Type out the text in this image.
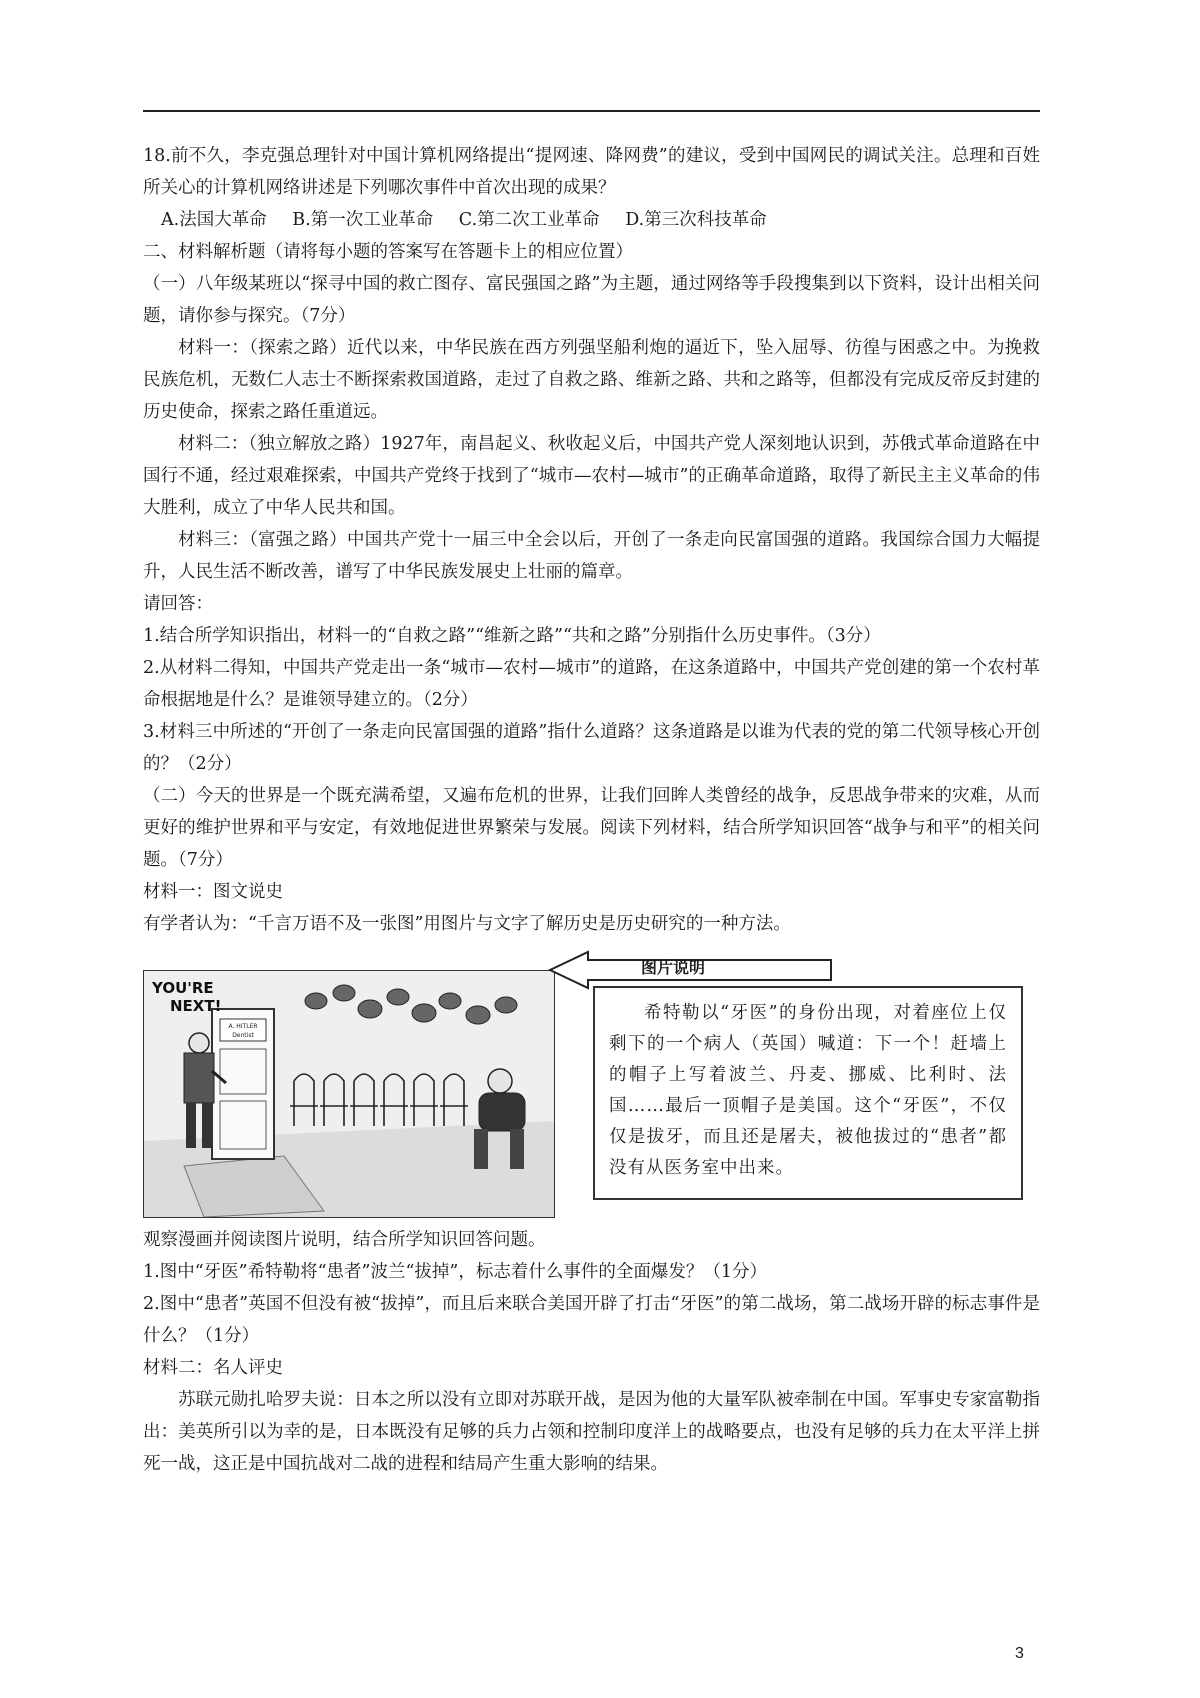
18.前不久，李克强总理针对中国计算机网络提出“提网速、降网费”的建议，受到中国网民的调试关注。总理和百姓所关心的计算机网络讲述是下列哪次事件中首次出现的成果？

A.法国大革命 B.第一次工业革命 C.第二次工业革命 D.第三次科技革命

二、材料解析题（请将每小题的答案写在答题卡上的相应位置）

（一）八年级某班以“探寻中国的救亡图存、富民强国之路”为主题，通过网络等手段搜集到以下资料，设计出相关问题，请你参与探究。（7分）

材料一：（探索之路）近代以来，中华民族在西方列强坚船利炮的逼近下，坠入屈辱、彷徨与困惑之中。为挽救民族危机，无数仁人志士不断探索救国道路，走过了自救之路、维新之路、共和之路等，但都没有完成反帝反封建的历史使命，探索之路任重道远。

材料二：（独立解放之路）1927年，南昌起义、秋收起义后，中国共产党人深刻地认识到，苏俄式革命道路在中国行不通，经过艰难探索，中国共产党终于找到了“城市—农村—城市”的正确革命道路，取得了新民主主义革命的伟大胜利，成立了中华人民共和国。

材料三：（富强之路）中国共产党十一届三中全会以后，开创了一条走向民富国强的道路。我国综合国力大幅提升，人民生活不断改善，谱写了中华民族发展史上壮丽的篇章。

请回答：

1.结合所学知识指出，材料一的“自救之路”“维新之路”“共和之路”分别指什么历史事件。（3分）

2.从材料二得知，中国共产党走出一条“城市—农村—城市”的道路，在这条道路中，中国共产党创建的第一个农村革命根据地是什么？是谁领导建立的。（2分）

3.材料三中所述的“开创了一条走向民富国强的道路”指什么道路？这条道路是以谁为代表的党的第二代领导核心开创的？（2分）

（二）今天的世界是一个既充满希望，又遍布危机的世界，让我们回眸人类曾经的战争，反思战争带来的灾难，从而更好的维护世界和平与安定，有效地促进世界繁荣与发展。阅读下列材料，结合所学知识回答“战争与和平”的相关问题。（7分）

材料一：图文说史

有学者认为：“千言万语不及一张图”用图片与文字了解历史是历史研究的一种方法。

A. HITLER
Dentist
YOU'RE
NEXT!
图片说明

希特勒以“牙医”的身份出现，对着座位上仅剩下的一个病人（英国）喊道：下一个！赶墙上的帽子上写着波兰、丹麦、挪威、比利时、法国……最后一顶帽子是美国。这个“牙医”，不仅仅是拔牙，而且还是屠夫，被他拔过的“患者”都没有从医务室中出来。

观察漫画并阅读图片说明，结合所学知识回答问题。

1.图中“牙医”希特勒将“患者”波兰“拔掉”，标志着什么事件的全面爆发？（1分）

2.图中“患者”英国不但没有被“拔掉”，而且后来联合美国开辟了打击“牙医”的第二战场，第二战场开辟的标志事件是什么？（1分）

材料二：名人评史

苏联元勋扎哈罗夫说：日本之所以没有立即对苏联开战，是因为他的大量军队被牵制在中国。军事史专家富勒指出：美英所引以为幸的是，日本既没有足够的兵力占领和控制印度洋上的战略要点，也没有足够的兵力在太平洋上拼死一战，这正是中国抗战对二战的进程和结局产生重大影响的结果。

3
